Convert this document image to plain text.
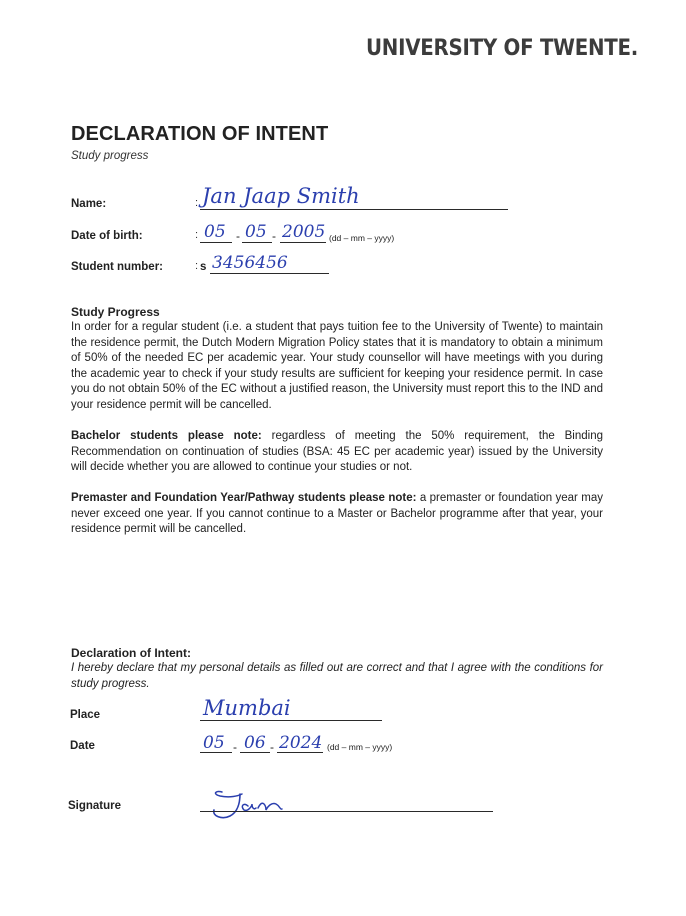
UNIVERSITY OF TWENTE.
DECLARATION OF INTENT
Study progress
Name:	: Jan Jaap Smith
Date of birth:	: 05 - 05 - 2005 (dd – mm – yyyy)
Student number:	: s 3456456
Study Progress
In order for a regular student (i.e. a student that pays tuition fee to the University of Twente) to maintain the residence permit, the Dutch Modern Migration Policy states that it is mandatory to obtain a minimum of 50% of the needed EC per academic year. Your study counsellor will have meetings with you during the academic year to check if your study results are sufficient for keeping your residence permit. In case you do not obtain 50% of the EC without a justified reason, the University must report this to the IND and your residence permit will be cancelled.
Bachelor students please note: regardless of meeting the 50% requirement, the Binding Recommendation on continuation of studies (BSA: 45 EC per academic year) issued by the University will decide whether you are allowed to continue your studies or not.
Premaster and Foundation Year/Pathway students please note: a premaster or foundation year may never exceed one year. If you cannot continue to a Master or Bachelor programme after that year, your residence permit will be cancelled.
Declaration of Intent:
I hereby declare that my personal details as filled out are correct and that I agree with the conditions for study progress.
Place	Mumbai
Date	05 - 06 - 2024 (dd – mm – yyyy)
Signature
